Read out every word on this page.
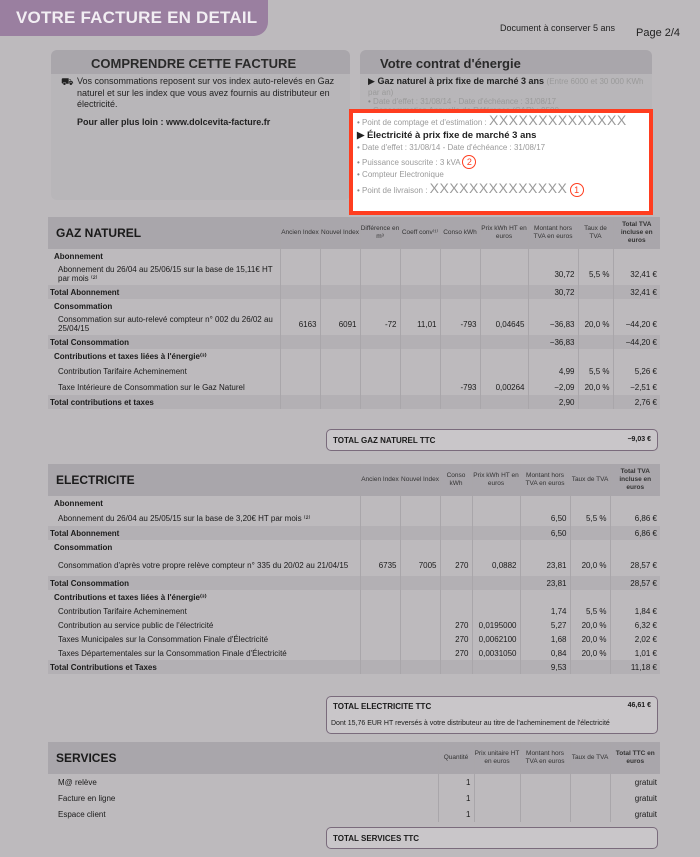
VOTRE FACTURE EN DETAIL
Document à conserver 5 ans Page 2/4
COMPRENDRE CETTE FACTURE
⛟ Vos consommations reposent sur vos index auto-relevés en Gaz naturel et sur les index que vous avez fournis au distributeur en électricité.
Pour aller plus loin : www.dolcevita-facture.fr
Votre contrat d'énergie
▶ Gaz naturel à prix fixe de marché 3 ans (Entre 6000 et 30 000 KWh par an)
• Date d'effet : 31/08/14 - Date d'échéance : 31/08/17
• Point de comptage et d'estimation : XXXXXXXXXXXXXX
▶ Électricité à prix fixe de marché 3 ans
• Date d'effet : 31/08/14 - Date d'échéance : 31/08/17
• Puissance souscrite : 3 kVA 2
• Compteur Electronique
• Point de livraison : XXXXXXXXXXXXXX 1
GAZ NATUREL	Ancien Index	Nouvel Index	Différence en m³	Coeff conv⁽¹⁾	Conso kWh	Prix kWh HT en euros	Montant hors TVA en euros	Taux de TVA	Total TVA incluse en euros
Abonnement									
Abonnement du 26/04 au 25/06/15 sur la base de 15,11€ HT par mois ⁽²⁾							30,72	5,5 %	32,41 €
Total Abonnement							30,72		32,41 €
Consommation									
Consommation sur auto-relevé compteur n° 002 du 26/02 au 25/04/15	6163	6091	-72	11,01	-793	0,04645	−36,83	20,0 %	−44,20 €
Total Consommation							−36,83		−44,20 €
Contributions et taxes liées à l'énergie⁽³⁾									
Contribution Tarifaire Acheminement							4,99	5,5 %	5,26 €
Taxe Intérieure de Consommation sur le Gaz Naturel					-793	0,00264	−2,09	20,0 %	−2,51 €
Total contributions et taxes							2,90		2,76 €
TOTAL GAZ NATUREL TTC	−9,03 €
ELECTRICITE	Ancien Index	Nouvel Index	Conso kWh	Prix kWh HT en euros	Montant hors TVA en euros	Taux de TVA	Total TVA incluse en euros
Abonnement							
Abonnement du 26/04 au 25/05/15 sur la base de 3,20€ HT par mois ⁽²⁾					6,50	5,5 %	6,86 €
Total Abonnement					6,50		6,86 €
Consommation							
Consommation d'après votre propre relève compteur n° 335 du 20/02 au 21/04/15	6735	7005	270	0,0882	23,81	20,0 %	28,57 €
Total Consommation					23,81		28,57 €
Contributions et taxes liées à l'énergie⁽³⁾							
Contribution Tarifaire Acheminement					1,74	5,5 %	1,84 €
Contribution au service public de l'électricité			270	0,0195000	5,27	20,0 %	6,32 €
Taxes Municipales sur la Consommation Finale d'Électricité			270	0,0062100	1,68	20,0 %	2,02 €
Taxes Départementales sur la Consommation Finale d'Électricité			270	0,0031050	0,84	20,0 %	1,01 €
Total Contributions et Taxes					9,53		11,18 €
TOTAL ELECTRICITE TTC	46,61 €
Dont 15,76 EUR HT reversés à votre distributeur au titre de l'acheminement de l'électricité
SERVICES	Quantité	Prix unitaire HT en euros	Montant hors TVA en euros	Taux de TVA	Total TTC en euros
M@ relève	1				gratuit
Facture en ligne	1				gratuit
Espace client	1				gratuit
TOTAL SERVICES TTC
